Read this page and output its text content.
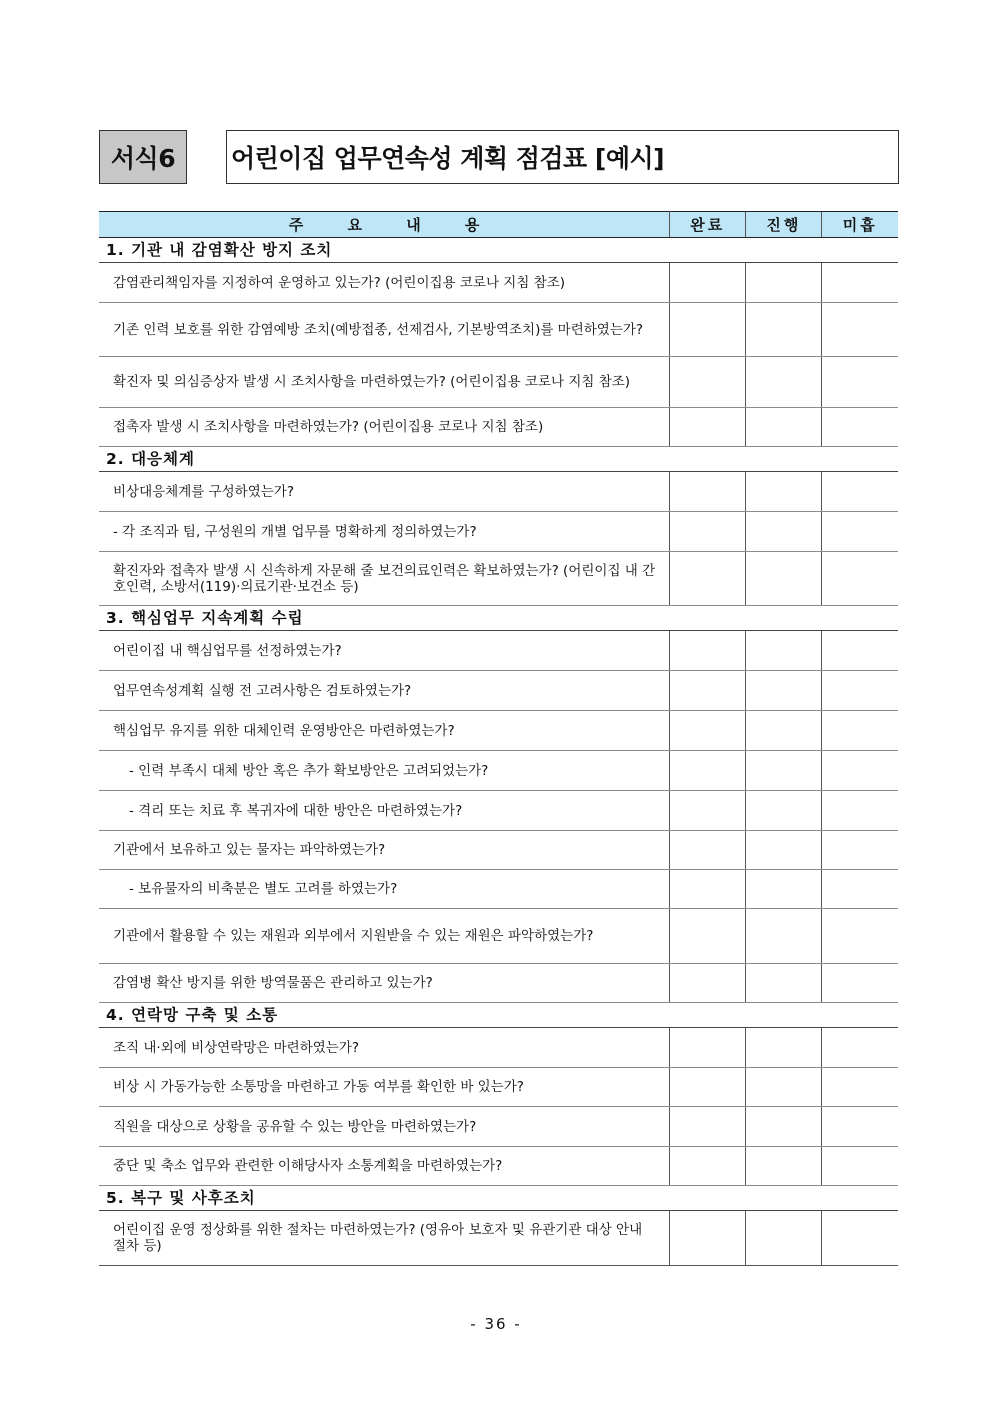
서식6	어린이집 업무연속성 계획 점검표 [예시]
주 요 내 용	완료	진행	미흡
1. 기관 내 감염확산 방지 조치			
감염관리책임자를 지정하여 운영하고 있는가? (어린이집용 코로나 지침 참조)			
기존 인력 보호를 위한 감염예방 조치(예방접종, 선제검사, 기본방역조치)를 마련하였는가?			
확진자 및 의심증상자 발생 시 조치사항을 마련하였는가? (어린이집용 코로나 지침 참조)			
접촉자 발생 시 조치사항을 마련하였는가? (어린이집용 코로나 지침 참조)			
2. 대응체계			
비상대응체계를 구성하였는가?			
- 각 조직과 팀, 구성원의 개별 업무를 명확하게 정의하였는가?			
확진자와 접촉자 발생 시 신속하게 자문해 줄 보건의료인력은 확보하였는가? (어린이집 내 간호인력, 소방서(119)·의료기관·보건소 등)			
3. 핵심업무 지속계획 수립			
어린이집 내 핵심업무를 선정하였는가?			
업무연속성계획 실행 전 고려사항은 검토하였는가?			
핵심업무 유지를 위한 대체인력 운영방안은 마련하였는가?			
- 인력 부족시 대체 방안 혹은 추가 확보방안은 고려되었는가?			
- 격리 또는 치료 후 복귀자에 대한 방안은 마련하였는가?			
기관에서 보유하고 있는 물자는 파악하였는가?			
- 보유물자의 비축분은 별도 고려를 하였는가?			
기관에서 활용할 수 있는 재원과 외부에서 지원받을 수 있는 재원은 파악하였는가?			
감염병 확산 방지를 위한 방역물품은 관리하고 있는가?			
4. 연락망 구축 및 소통			
조직 내·외에 비상연락망은 마련하였는가?			
비상 시 가동가능한 소통망을 마련하고 가동 여부를 확인한 바 있는가?			
직원을 대상으로 상황을 공유할 수 있는 방안을 마련하였는가?			
중단 및 축소 업무와 관련한 이해당사자 소통계획을 마련하였는가?			
5. 복구 및 사후조치			
어린이집 운영 정상화를 위한 절차는 마련하였는가? (영유아 보호자 및 유관기관 대상 안내 절차 등)			
- 36 -
